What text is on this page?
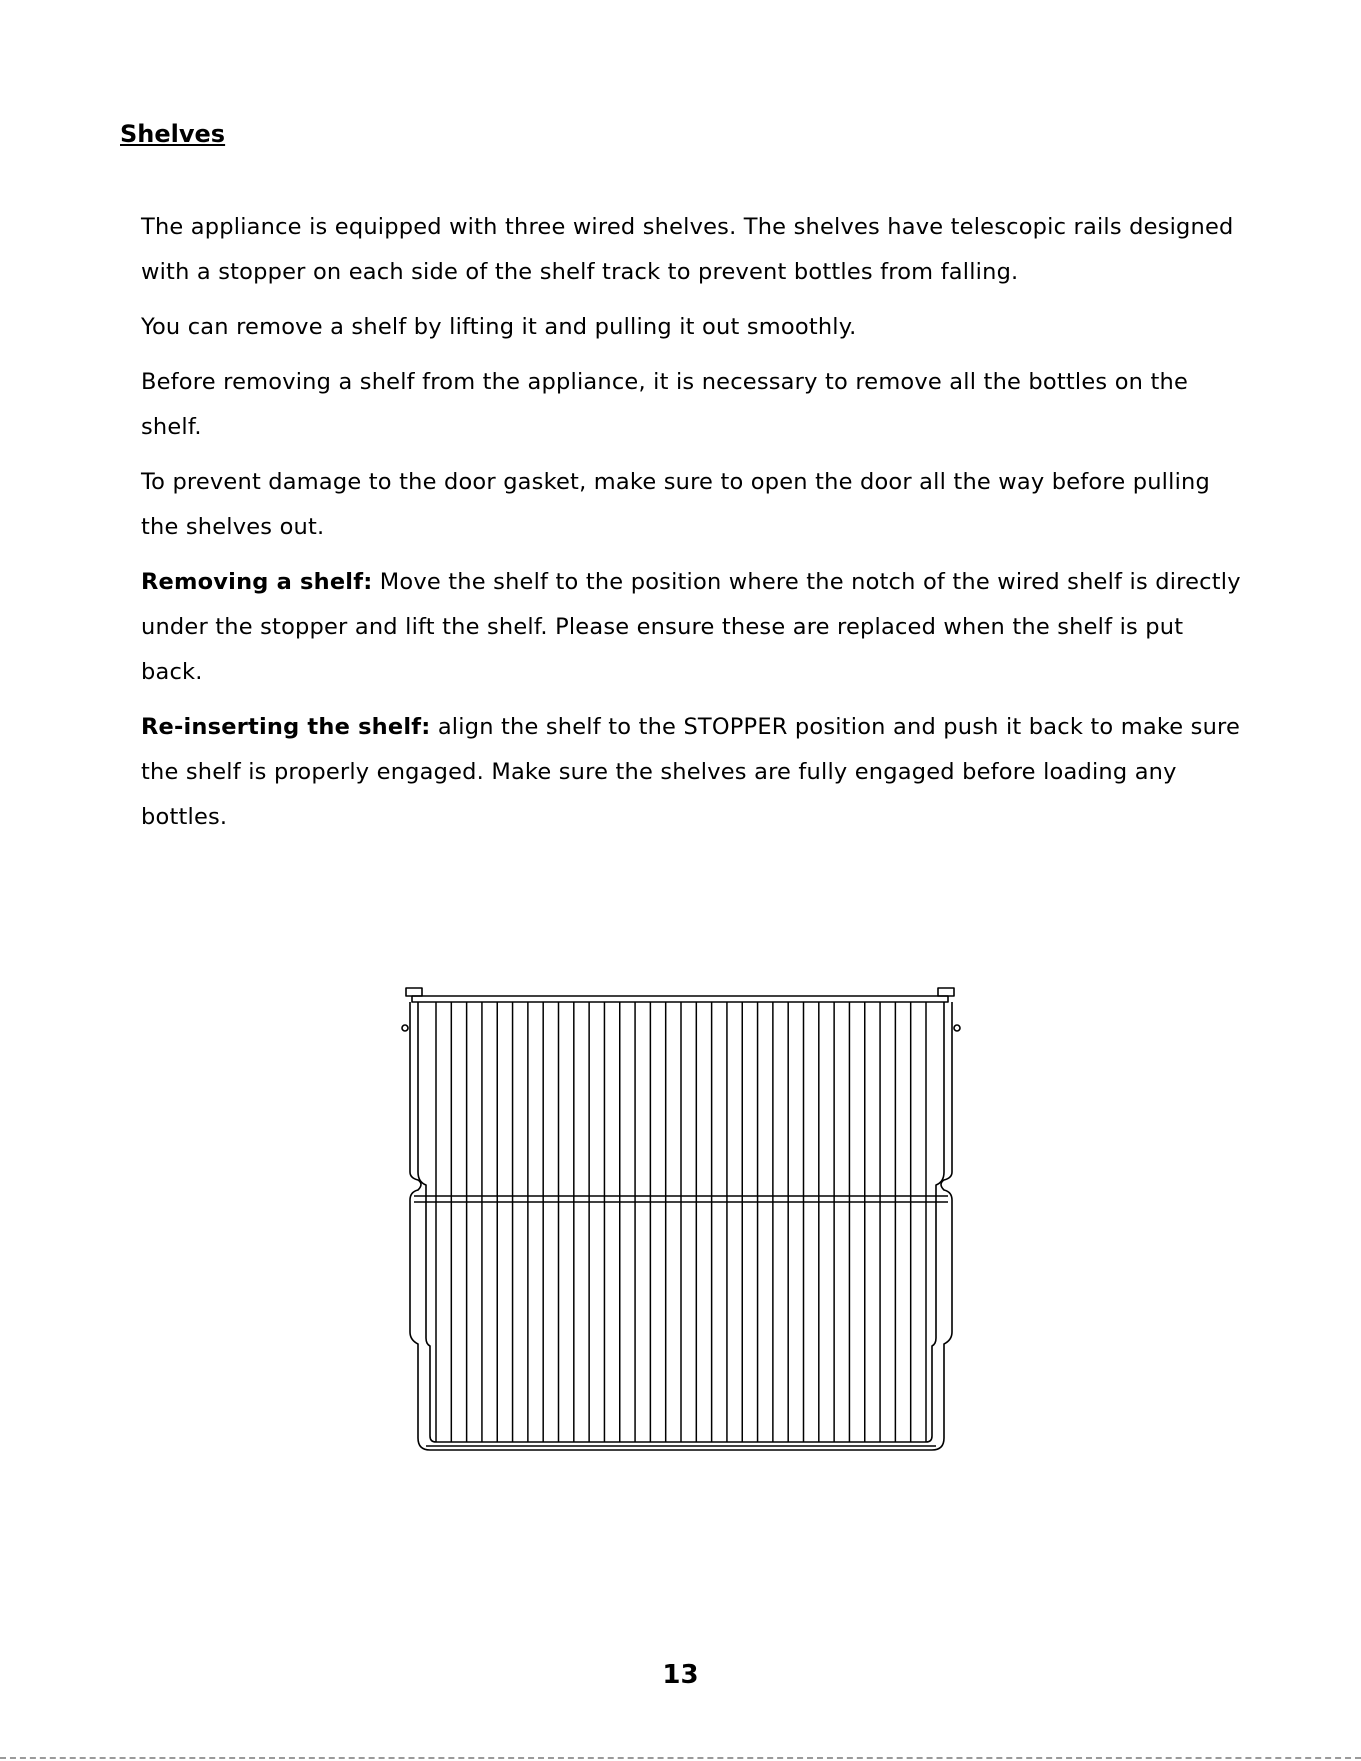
Shelves

The appliance is equipped with three wired shelves. The shelves have telescopic rails designed with a stopper on each side of the shelf track to prevent bottles from falling.

You can remove a shelf by lifting it and pulling it out smoothly.

Before removing a shelf from the appliance, it is necessary to remove all the bottles on the shelf.

To prevent damage to the door gasket, make sure to open the door all the way before pulling the shelves out.

Removing a shelf: Move the shelf to the position where the notch of the wired shelf is directly under the stopper and lift the shelf. Please ensure these are replaced when the shelf is put back.

Re-inserting the shelf: align the shelf to the STOPPER position and push it back to make sure the shelf is properly engaged. Make sure the shelves are fully engaged before loading any bottles.

13
